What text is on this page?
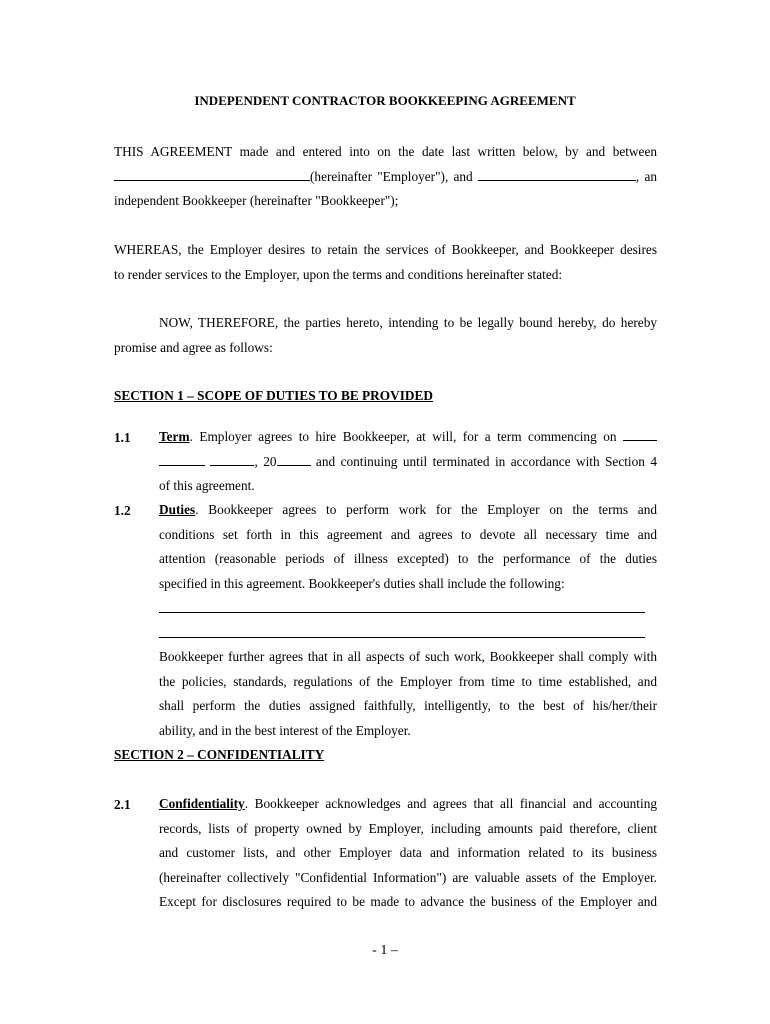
INDEPENDENT CONTRACTOR BOOKKEEPING AGREEMENT
THIS AGREEMENT made and entered into on the date last written below, by and between
(hereinafter "Employer"), and	, an
independent Bookkeeper (hereinafter "Bookkeeper");
WHEREAS, the Employer desires to retain the services of Bookkeeper, and Bookkeeper desires
to render services to the Employer, upon the terms and conditions hereinafter stated:
NOW, THEREFORE, the parties hereto, intending to be legally bound hereby, do hereby
promise and agree as follows:
SECTION 1 – SCOPE OF DUTIES TO BE PROVIDED
1.1 Term. Employer agrees to hire Bookkeeper, at will, for a term commencing on
, 20	and continuing until terminated in accordance with Section 4
of this agreement.
1.2 Duties. Bookkeeper agrees to perform work for the Employer on the terms and
conditions set forth in this agreement and agrees to devote all necessary time and
attention (reasonable periods of illness excepted) to the performance of the duties
specified in this agreement. Bookkeeper's duties shall include the following:
Bookkeeper further agrees that in all aspects of such work, Bookkeeper shall comply with
the policies, standards, regulations of the Employer from time to time established, and
shall perform the duties assigned faithfully, intelligently, to the best of his/her/their
ability, and in the best interest of the Employer.
SECTION 2 – CONFIDENTIALITY
2.1 Confidentiality. Bookkeeper acknowledges and agrees that all financial and accounting
records, lists of property owned by Employer, including amounts paid therefore, client
and customer lists, and other Employer data and information related to its business
(hereinafter collectively "Confidential Information") are valuable assets of the Employer.
Except for disclosures required to be made to advance the business of the Employer and
- 1 –
